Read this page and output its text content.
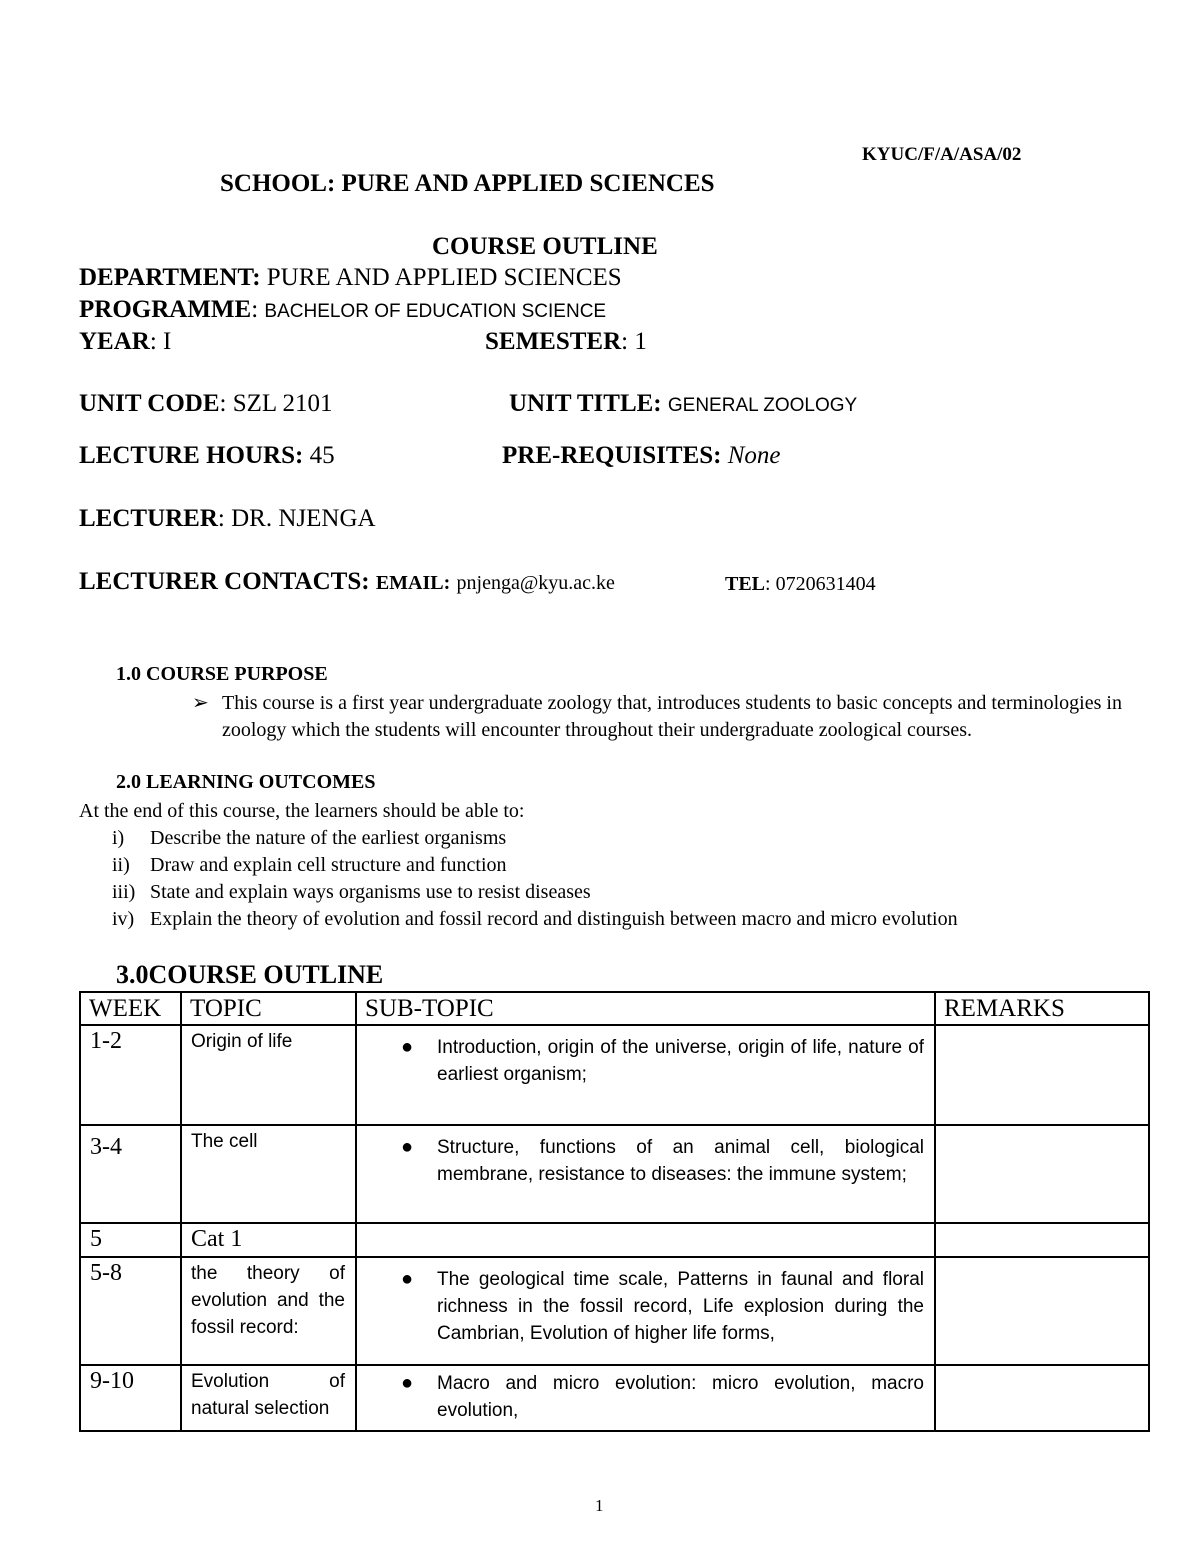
KYUC/F/A/ASA/02
SCHOOL: PURE AND APPLIED SCIENCES
COURSE OUTLINE
DEPARTMENT: PURE AND APPLIED SCIENCES
PROGRAMME: BACHELOR OF EDUCATION SCIENCE
YEAR: I	SEMESTER: 1
UNIT CODE: SZL 2101	UNIT TITLE: GENERAL ZOOLOGY
LECTURE HOURS: 45	PRE-REQUISITES: None
LECTURER: DR. NJENGA
LECTURER CONTACTS: EMAIL: pnjenga@kyu.ac.ke	TEL: 0720631404
1.0 COURSE PURPOSE
➢ This course is a first year undergraduate zoology that, introduces students to basic concepts and terminologies in zoology which the students will encounter throughout their undergraduate zoological courses.
2.0 LEARNING OUTCOMES
At the end of this course, the learners should be able to:
i) Describe the nature of the earliest organisms
ii) Draw and explain cell structure and function
iii) State and explain ways organisms use to resist diseases
iv) Explain the theory of evolution and fossil record and distinguish between macro and micro evolution
3.0COURSE OUTLINE
WEEK	TOPIC	SUB-TOPIC	REMARKS
1-2	Origin of life	● Introduction, origin of the universe, origin of life, nature of earliest organism;	

3-4	The cell	● Structure, functions of an animal cell, biological membrane, resistance to diseases: the immune system;	

5	Cat 1		
5-8	the theory of evolution and the fossil record:	● The geological time scale, Patterns in faunal and floral richness in the fossil record, Life explosion during the Cambrian, Evolution of higher life forms,	

9-10	Evolution of natural selection	● Macro and micro evolution: micro evolution, macro evolution,	

1
